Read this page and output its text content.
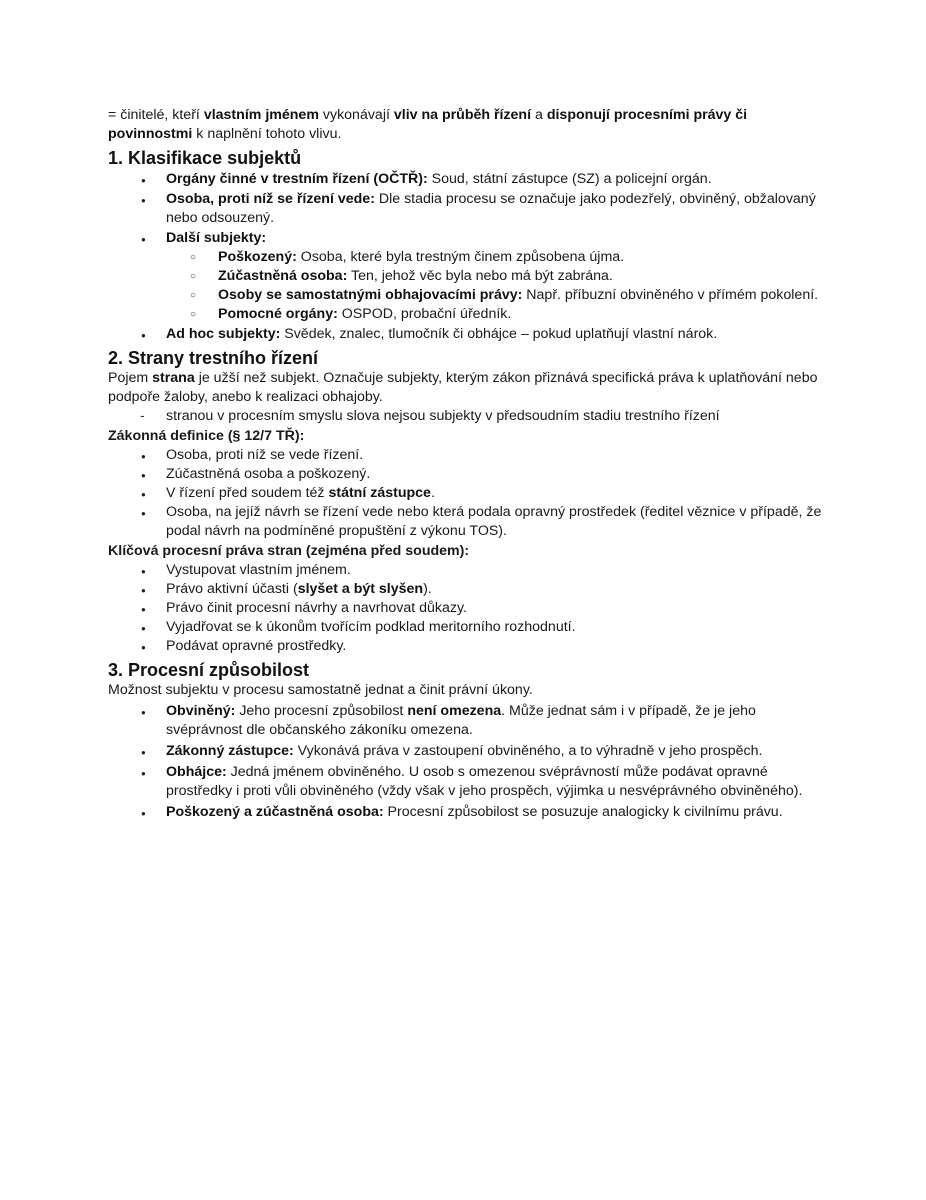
= činitelé, kteří vlastním jménem vykonávají vliv na průběh řízení a disponují procesními právy či povinnostmi k naplnění tohoto vlivu.

1. Klasifikace subjektů
● Orgány činné v trestním řízení (OČTŘ): Soud, státní zástupce (SZ) a policejní orgán.
● Osoba, proti níž se řízení vede: Dle stadia procesu se označuje jako podezřelý, obviněný, obžalovaný nebo odsouzený.
● Další subjekty:
○ Poškozený: Osoba, které byla trestným činem způsobena újma.
○ Zúčastněná osoba: Ten, jehož věc byla nebo má být zabrána.
○ Osoby se samostatnými obhajovacími právy: Např. příbuzní obviněného v přímém pokolení.
○ Pomocné orgány: OSPOD, probační úředník.
● Ad hoc subjekty: Svědek, znalec, tlumočník či obhájce – pokud uplatňují vlastní nárok.
2. Strany trestního řízení

Pojem strana je užší než subjekt. Označuje subjekty, kterým zákon přiznává specifická práva k uplatňování nebo podpoře žaloby, anebo k realizaci obhajoby.

- stranou v procesním smyslu slova nejsou subjekty v předsoudním stadiu trestního řízení

Zákonná definice (§ 12/7 TŘ):

● Osoba, proti níž se vede řízení.
● Zúčastněná osoba a poškozený.
● V řízení před soudem též státní zástupce.
● Osoba, na jejíž návrh se řízení vede nebo která podala opravný prostředek (ředitel věznice v případě, že podal návrh na podmíněné propuštění z výkonu TOS).

Klíčová procesní práva stran (zejména před soudem):

● Vystupovat vlastním jménem.
● Právo aktivní účasti (slyšet a být slyšen).
● Právo činit procesní návrhy a navrhovat důkazy.
● Vyjadřovat se k úkonům tvořícím podklad meritorního rozhodnutí.
● Podávat opravné prostředky.
3. Procesní způsobilost

Možnost subjektu v procesu samostatně jednat a činit právní úkony.

● Obviněný: Jeho procesní způsobilost není omezena. Může jednat sám i v případě, že je jeho svéprávnost dle občanského zákoníku omezena.
● Zákonný zástupce: Vykonává práva v zastoupení obviněného, a to výhradně v jeho prospěch.
● Obhájce: Jedná jménem obviněného. U osob s omezenou svéprávností může podávat opravné prostředky i proti vůli obviněného (vždy však v jeho prospěch, výjimka u nesvéprávného obviněného).
● Poškozený a zúčastněná osoba: Procesní způsobilost se posuzuje analogicky k civilnímu právu.
